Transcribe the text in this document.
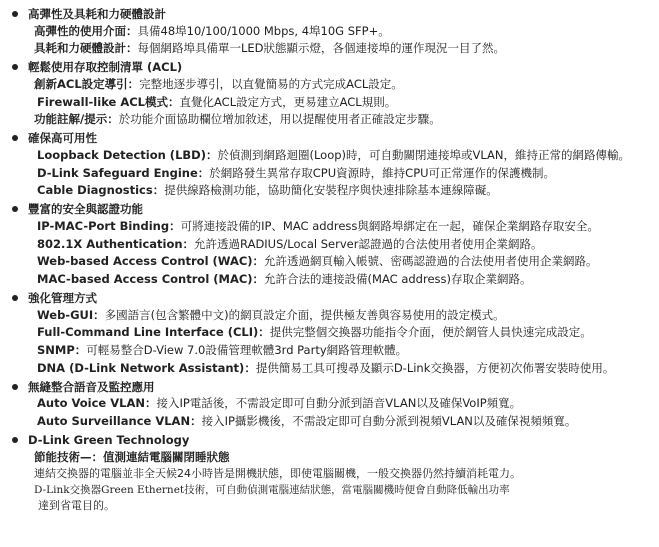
高彈性及具耗和力硬體設計
高彈性的使用介面：具備48埠10/100/1000 Mbps, 4埠10G SFP+。
具耗和力硬體設計：每個網路埠具備單一LED狀態顯示燈，各個連接埠的運作現況一目了然。
輕鬆使用存取控制清單 (ACL)
創新ACL設定導引：完整地逐步導引，以直覺簡易的方式完成ACL設定。
Firewall-like ACL模式：直覺化ACL設定方式，更易建立ACL規則。
功能註解/提示：於功能介面協助欄位增加敘述，用以提醒使用者正確設定步驟。
確保高可用性
Loopback Detection (LBD)：於偵測到網路迴圈(Loop)時，可自動關閉連接埠或VLAN，維持正常的網路傳輸。
D-Link Safeguard Engine：於網路發生異常存取CPU資源時，維持CPU可正常運作的保護機制。
Cable Diagnostics：提供線路檢測功能，協助簡化安裝程序與快速排除基本連線障礙。
豐富的安全與認證功能
IP-MAC-Port Binding：可將連接設備的IP、MAC address與網路埠綁定在一起，確保企業網路存取安全。
802.1X Authentication：允許透過RADIUS/Local Server認證過的合法使用者使用企業網路。
Web-based Access Control (WAC)：允許透過網頁輸入帳號、密碼認證過的合法使用者使用企業網路。
MAC-based Access Control (MAC)：允許合法的連接設備(MAC address)存取企業網路。
強化管理方式
Web-GUI：多國語言(包含繁體中文)的網頁設定介面，提供極友善與容易使用的設定模式。
Full-Command Line Interface (CLI)：提供完整個交換器功能指令介面，便於網管人員快速完成設定。
SNMP：可輕易整合D-View 7.0設備管理軟體3rd Party網路管理軟體。
DNA (D-Link Network Assistant)：提供簡易工具可搜尋及顯示D-Link交換器，方便初次佈署安裝時使用。
無縫整合語音及監控應用
Auto Voice VLAN：接入IP電話後，不需設定即可自動分派到語音VLAN以及確保VoIP頻寬。
Auto Surveillance VLAN：接入IP攝影機後，不需設定即可自動分派到視頻VLAN以及確保視頻頻寬。
D-Link Green Technology
節能技術—：值測連結電腦關閉睡狀態
連結交換器的電腦並非全天候24小時皆是開機狀態，即使電腦關機，一般交換器仍然持續消耗電力。
D-Link交換器Green Ethernet技術，可自動偵測電腦連結狀態，當電腦關機時便會自動降低輸出功率
達到省電目的。
